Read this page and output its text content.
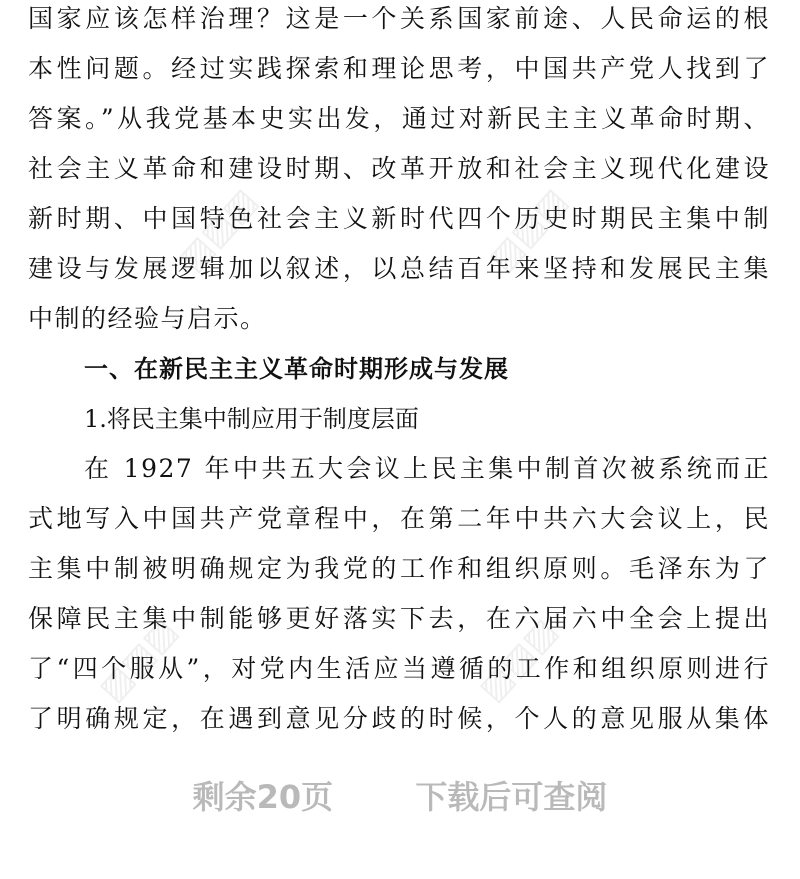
▨▨▨	▨▨▨
▨▨▨	▨▨▨
国家应该怎样治理？这是一个关系国家前途、人民命运的根
本性问题。经过实践探索和理论思考，中国共产党人找到了
答案。”从我党基本史实出发，通过对新民主主义革命时期、
社会主义革命和建设时期、改革开放和社会主义现代化建设
新时期、中国特色社会主义新时代四个历史时期民主集中制
建设与发展逻辑加以叙述，以总结百年来坚持和发展民主集
中制的经验与启示。
一、在新民主主义革命时期形成与发展
1.将民主集中制应用于制度层面
在 1927 年中共五大会议上民主集中制首次被系统而正
式地写入中国共产党章程中，在第二年中共六大会议上，民
主集中制被明确规定为我党的工作和组织原则。毛泽东为了
保障民主集中制能够更好落实下去，在六届六中全会上提出
了“四个服从”，对党内生活应当遵循的工作和组织原则进行
了明确规定，在遇到意见分歧的时候，个人的意见服从集体
剩余20页	下载后可查阅
